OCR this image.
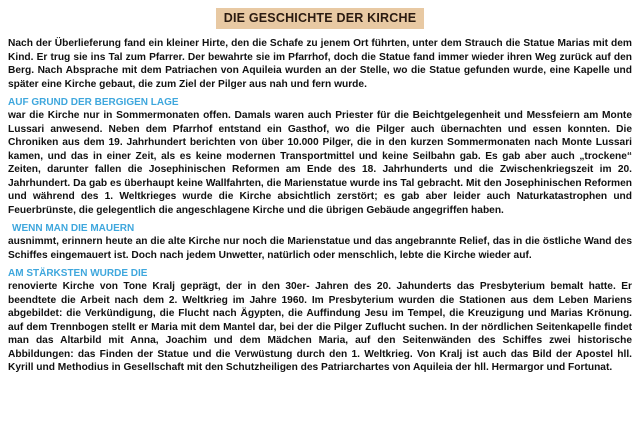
DIE GESCHICHTE DER KIRCHE

Nach der Überlieferung fand ein kleiner Hirte, den die Schafe zu jenem Ort führten, unter dem Strauch die Statue Marias mit dem Kind. Er trug sie ins Tal zum Pfarrer. Der bewahrte sie im Pfarrhof, doch die Statue fand immer wieder ihren Weg zurück auf den Berg. Nach Absprache mit dem Patriachen von Aquileia wurden an der Stelle, wo die Statue gefunden wurde, eine Kapelle und später eine Kirche gebaut, die zum Ziel der Pilger aus nah und fern wurde.

AUF GRUND DER BERGIGEN LAGE

war die Kirche nur in Sommermonaten offen. Damals waren auch Priester für die Beichtgelegenheit und Messfeiern am Monte Lussari anwesend. Neben dem Pfarrhof entstand ein Gasthof, wo die Pilger auch übernachten und essen konnten. Die Chroniken aus dem 19. Jahrhundert berichten von über 10.000 Pilger, die in den kurzen Sommermonaten nach Monte Lussari kamen, und das in einer Zeit, als es keine modernen Transportmittel und keine Seilbahn gab. Es gab aber auch „trockene“ Zeiten, darunter fallen die Josephinischen Reformen am Ende des 18. Jahrhunderts und die Zwischenkriegszeit im 20. Jahrhundert. Da gab es überhaupt keine Wallfahrten, die Marienstatue wurde ins Tal gebracht. Mit den Josephinischen Reformen und während des 1. Weltkrieges wurde die Kirche absichtlich zerstört; es gab aber leider auch Naturkatastrophen und Feuerbrünste, die gelegentlich die angeschlagene Kirche und die übrigen Gebäude angegriffen haben.

WENN MAN DIE MAUERN

ausnimmt, erinnern heute an die alte Kirche nur noch die Marienstatue und das angebrannte Relief, das in die östliche Wand des Schiffes eingemauert ist. Doch nach jedem Unwetter, natürlich oder menschlich, lebte die Kirche wieder auf.

AM STÄRKSTEN WURDE DIE

renovierte Kirche von Tone Kralj geprägt, der in den 30er- Jahren des 20. Jahunderts das Presbyterium bemalt hatte. Er beendtete die Arbeit nach dem 2. Weltkrieg im Jahre 1960. Im Presbyterium wurden die Stationen aus dem Leben Mariens abgebildet: die Verkündigung, die Flucht nach Ägypten, die Auffindung Jesu im Tempel, die Kreuzigung und Marias Krönung. auf dem Trennbogen stellt er Maria mit dem Mantel dar, bei der die Pilger Zuflucht suchen. In der nördlichen Seitenkapelle findet man das Altarbild mit Anna, Joachim und dem Mädchen Maria, auf den Seitenwänden des Schiffes zwei historische Abbildungen: das Finden der Statue und die Verwüstung durch den 1. Weltkrieg. Von Kralj ist auch das Bild der Apostel hll. Kyrill und Methodius in Gesellschaft mit den Schutzheiligen des Patriarchartes von Aquileia der hll. Hermargor und Fortunat.
